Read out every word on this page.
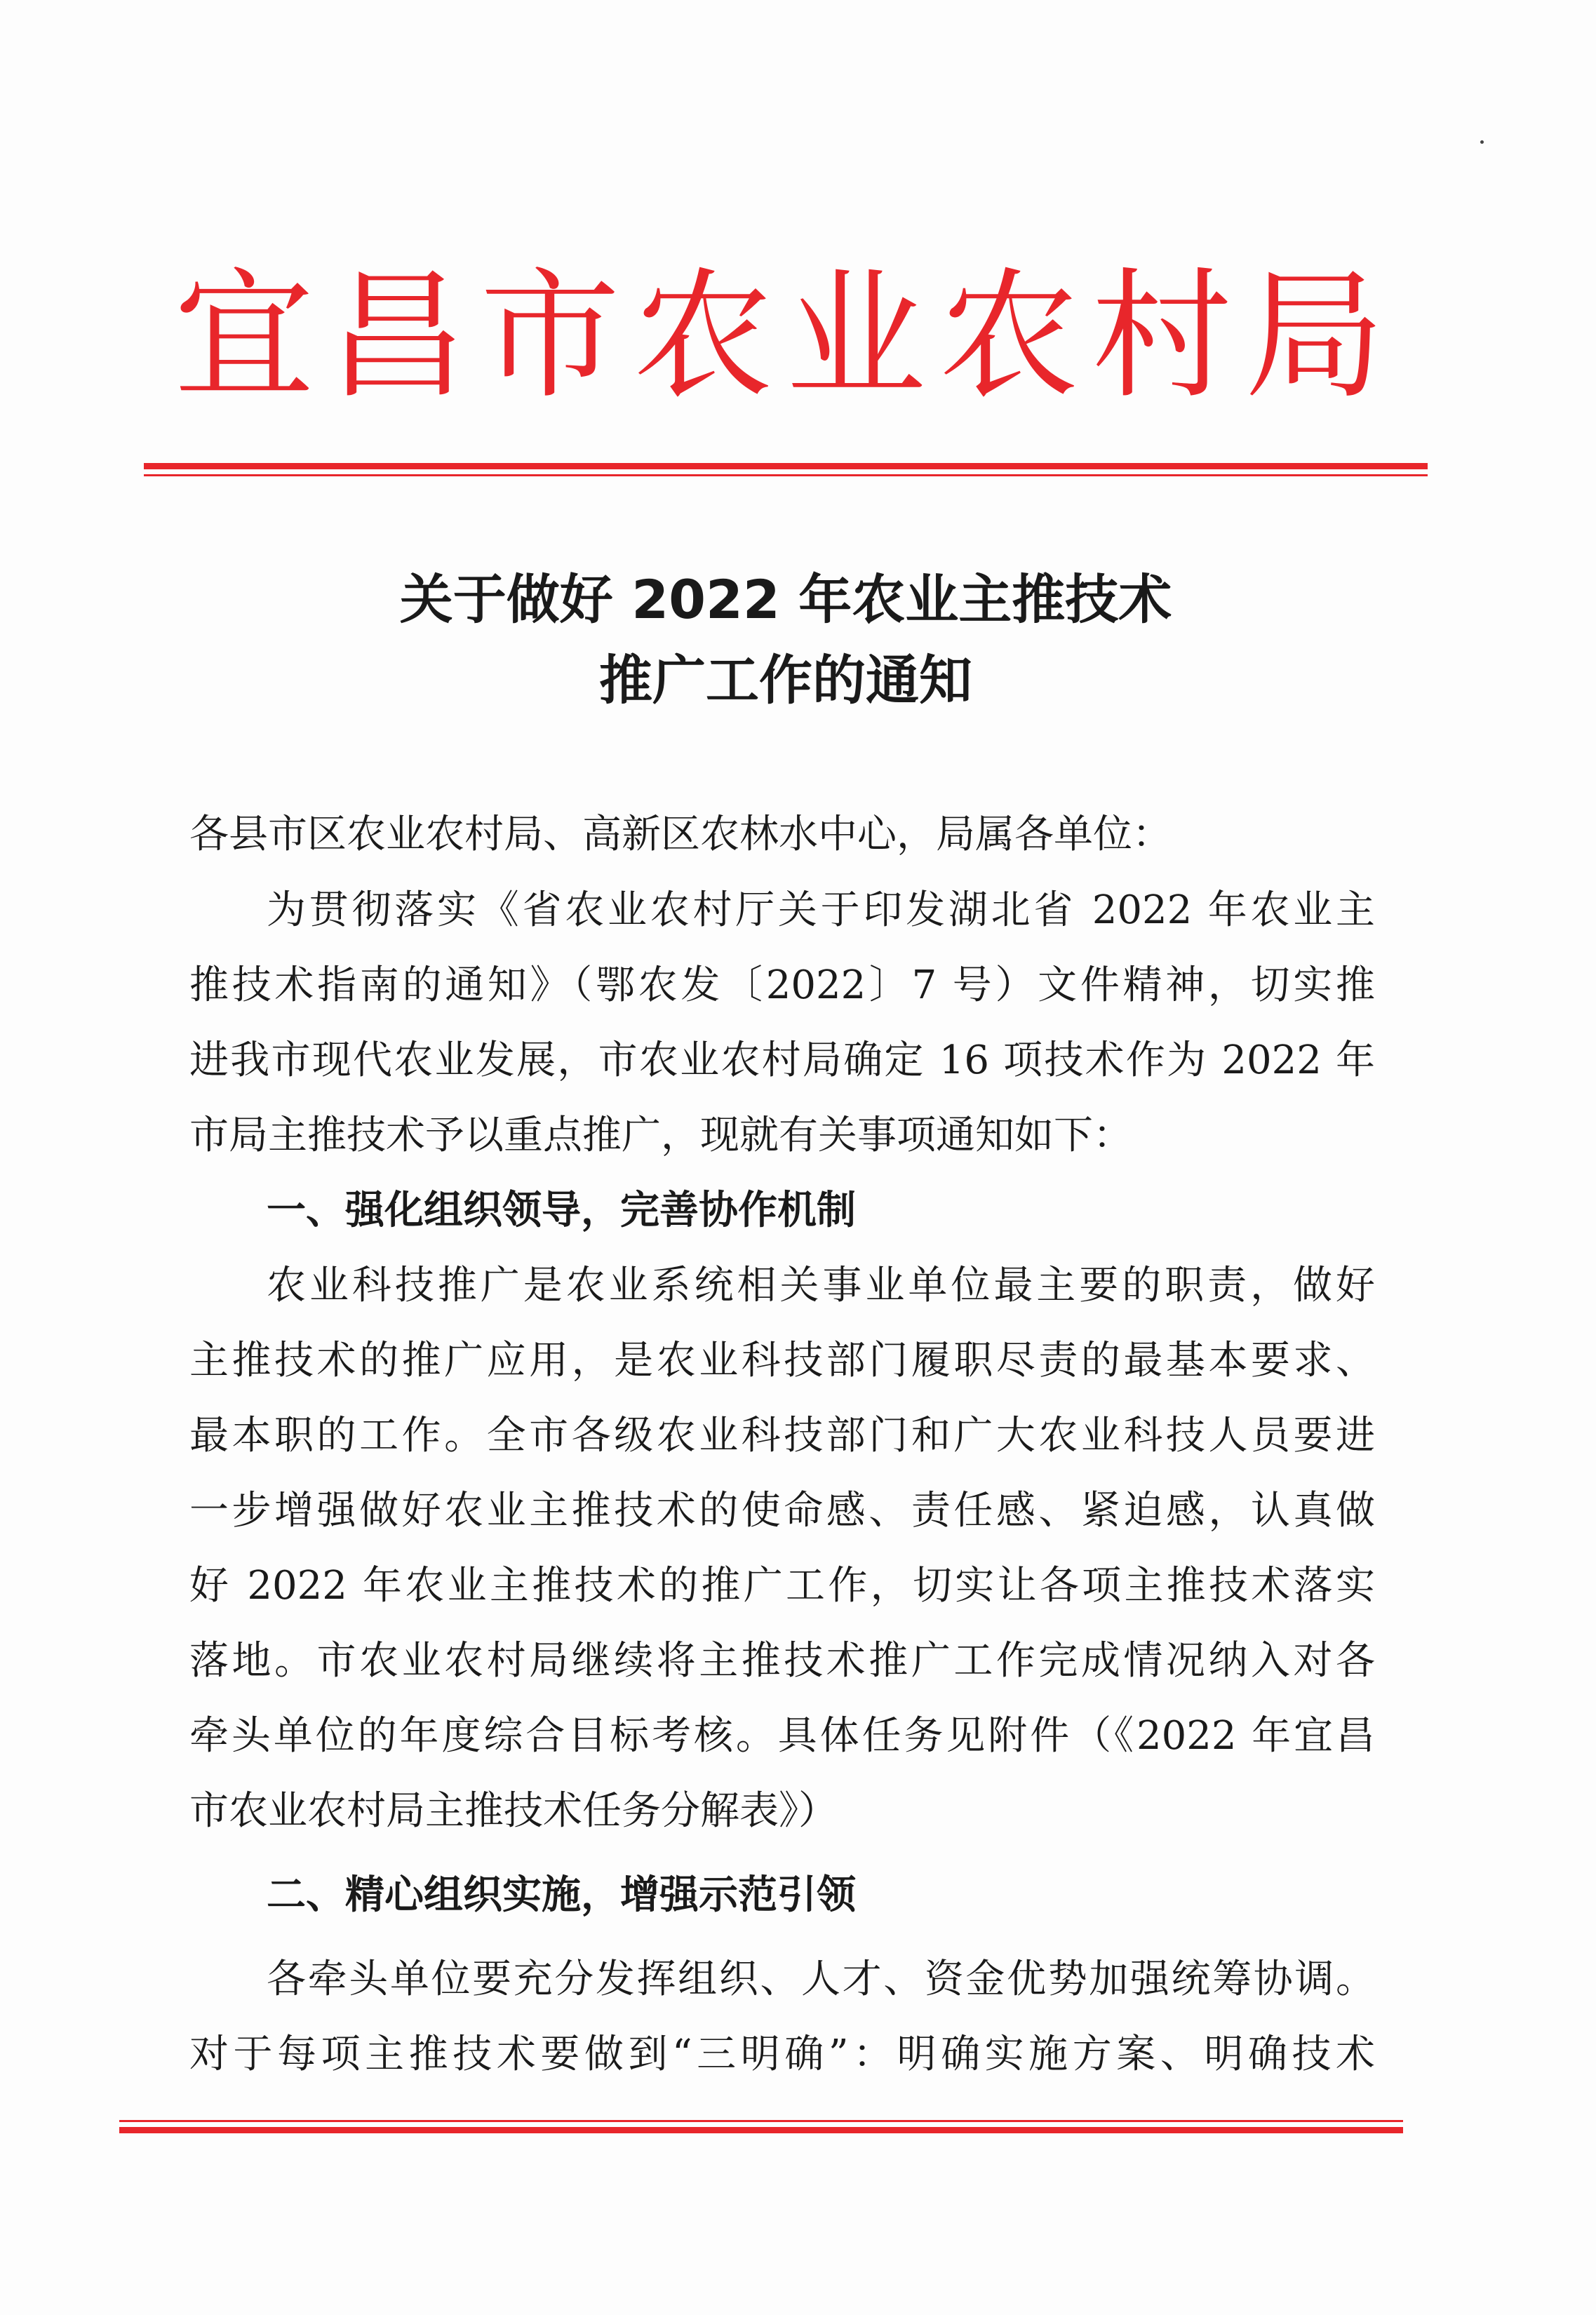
宜昌市农业农村局
关于做好 2022 年农业主推技术
推广工作的通知
各县市区农业农村局、高新区农林水中心，局属各单位：
为贯彻落实《省农业农村厅关于印发湖北省 2022 年农业主
推技术指南的通知》（鄂农发〔2022〕7 号）文件精神，切实推
进我市现代农业发展，市农业农村局确定 16 项技术作为 2022 年
市局主推技术予以重点推广，现就有关事项通知如下：
一、强化组织领导，完善协作机制
农业科技推广是农业系统相关事业单位最主要的职责，做好
主推技术的推广应用，是农业科技部门履职尽责的最基本要求、
最本职的工作。全市各级农业科技部门和广大农业科技人员要进
一步增强做好农业主推技术的使命感、责任感、紧迫感，认真做
好 2022 年农业主推技术的推广工作，切实让各项主推技术落实
落地。市农业农村局继续将主推技术推广工作完成情况纳入对各
牵头单位的年度综合目标考核。具体任务见附件（《2022 年宜昌
市农业农村局主推技术任务分解表》）
二、精心组织实施，增强示范引领
各牵头单位要充分发挥组织、人才、资金优势加强统筹协调。
对于每项主推技术要做到“三明确”：明确实施方案、明确技术
